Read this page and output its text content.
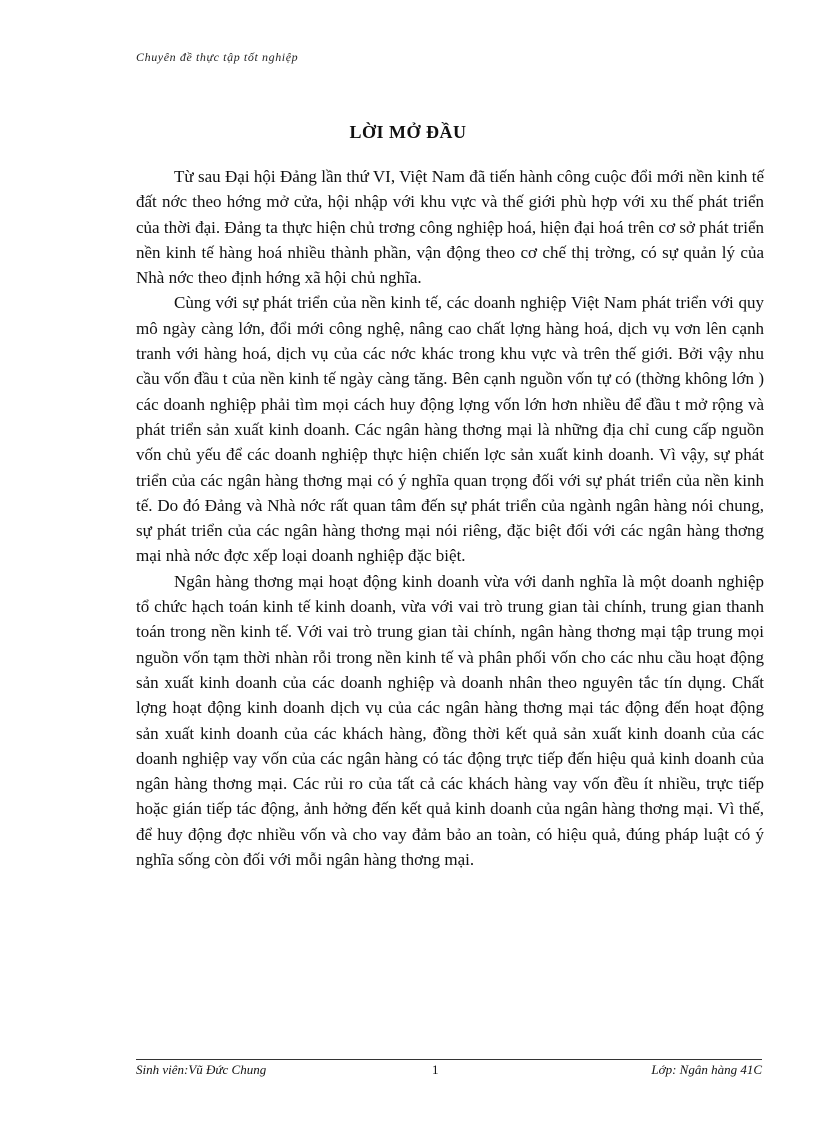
Chuyên đề thực tập tốt nghiệp
LỜI MỞ ĐẦU

Từ sau Đại hội Đảng lần thứ VI, Việt Nam đã tiến hành công cuộc đổi mới nền kinh tế đất nớc theo hớng mở cửa, hội nhập với khu vực và thế giới phù hợp với xu thế phát triển của thời đại. Đảng ta thực hiện chủ trơng công nghiệp hoá, hiện đại hoá trên cơ sở phát triển nền kinh tế hàng hoá nhiều thành phần, vận động theo cơ chế thị trờng, có sự quản lý của Nhà nớc theo định hớng xã hội chủ nghĩa.

Cùng với sự phát triển của nền kinh tế, các doanh nghiệp Việt Nam phát triển với quy mô ngày càng lớn, đổi mới công nghệ, nâng cao chất lợng hàng hoá, dịch vụ vơn lên cạnh tranh với hàng hoá, dịch vụ của các nớc khác trong khu vực và trên thế giới. Bởi vậy nhu cầu vốn đầu t của nền kinh tế ngày càng tăng. Bên cạnh nguồn vốn tự có (thờng không lớn ) các doanh nghiệp phải tìm mọi cách huy động lợng vốn lớn hơn nhiều để đầu t mở rộng và phát triển sản xuất kinh doanh. Các ngân hàng thơng mại là những địa chỉ cung cấp nguồn vốn chủ yếu để các doanh nghiệp thực hiện chiến lợc sản xuất kinh doanh. Vì vậy, sự phát triển của các ngân hàng thơng mại có ý nghĩa quan trọng đối với sự phát triển của nền kinh tế. Do đó Đảng và Nhà nớc rất quan tâm đến sự phát triển của ngành ngân hàng nói chung, sự phát triển của các ngân hàng thơng mại nói riêng, đặc biệt đối với các ngân hàng thơng mại nhà nớc đợc xếp loại doanh nghiệp đặc biệt.

Ngân hàng thơng mại hoạt động kinh doanh vừa với danh nghĩa là một doanh nghiệp tổ chức hạch toán kinh tế kinh doanh, vừa với vai trò trung gian tài chính, trung gian thanh toán trong nền kinh tế. Với vai trò trung gian tài chính, ngân hàng thơng mại tập trung mọi nguồn vốn tạm thời nhàn rỗi trong nền kinh tế và phân phối vốn cho các nhu cầu hoạt động sản xuất kinh doanh của các doanh nghiệp và doanh nhân theo nguyên tắc tín dụng. Chất lợng hoạt động kinh doanh dịch vụ của các ngân hàng thơng mại tác động đến hoạt động sản xuất kinh doanh của các khách hàng, đồng thời kết quả sản xuất kinh doanh của các doanh nghiệp vay vốn của các ngân hàng có tác động trực tiếp đến hiệu quả kinh doanh của ngân hàng thơng mại. Các rủi ro của tất cả các khách hàng vay vốn đều ít nhiều, trực tiếp hoặc gián tiếp tác động, ảnh hởng đến kết quả kinh doanh của ngân hàng thơng mại. Vì thế, để huy động đợc nhiều vốn và cho vay đảm bảo an toàn, có hiệu quả, đúng pháp luật có ý nghĩa sống còn đối với mỗi ngân hàng thơng mại.

Sinh viên:Vũ Đức Chung	1	Lớp: Ngân hàng 41C
